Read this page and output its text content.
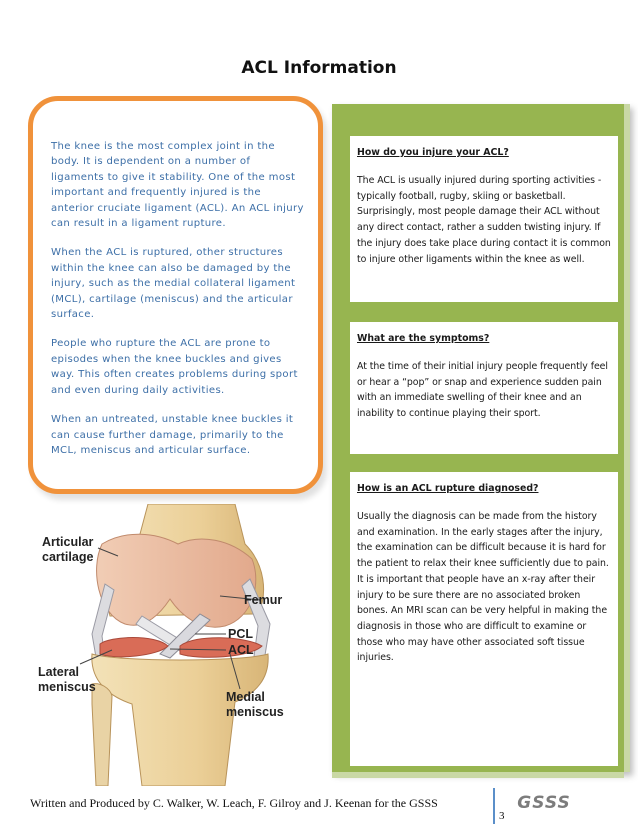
ACL Information

The knee is the most complex joint in the body. It is dependent on a number of ligaments to give it stability. One of the most important and frequently injured is the anterior cruciate ligament (ACL). An ACL injury can result in a ligament rupture.

When the ACL is ruptured, other structures within the knee can also be damaged by the injury, such as the medial collateral ligament (MCL), cartilage (meniscus) and the articular surface.

People who rupture the ACL are prone to episodes when the knee buckles and gives way. This often creates problems during sport and even during daily activities.

When an untreated, unstable knee buckles it can cause further damage, primarily to the MCL, meniscus and articular surface.

How do you injure your ACL?

The ACL is usually injured during sporting activities - typically football, rugby, skiing or basketball. Surprisingly, most people damage their ACL without any direct contact, rather a sudden twisting injury. If the injury does take place during contact it is common to injure other ligaments within the knee as well.

What are the symptoms?

At the time of their initial injury people frequently feel or hear a “pop” or snap and experience sudden pain with an immediate swelling of their knee and an inability to continue playing their sport.

How is an ACL rupture diagnosed?

Usually the diagnosis can be made from the history and examination. In the early stages after the injury, the examination can be difficult because it is hard for the patient to relax their knee sufficiently due to pain.

It is important that people have an x-ray after their injury to be sure there are no associated broken bones. An MRI scan can be very helpful in making the diagnosis in those who are difficult to examine or those who may have other associated soft tissue injuries.

Articular
cartilage
Femur
PCL
ACL
Lateral
meniscus
Medial
meniscus
Written and Produced by C. Walker, W. Leach, F. Gilroy and J. Keenan for the GSSS
3
GSSS
